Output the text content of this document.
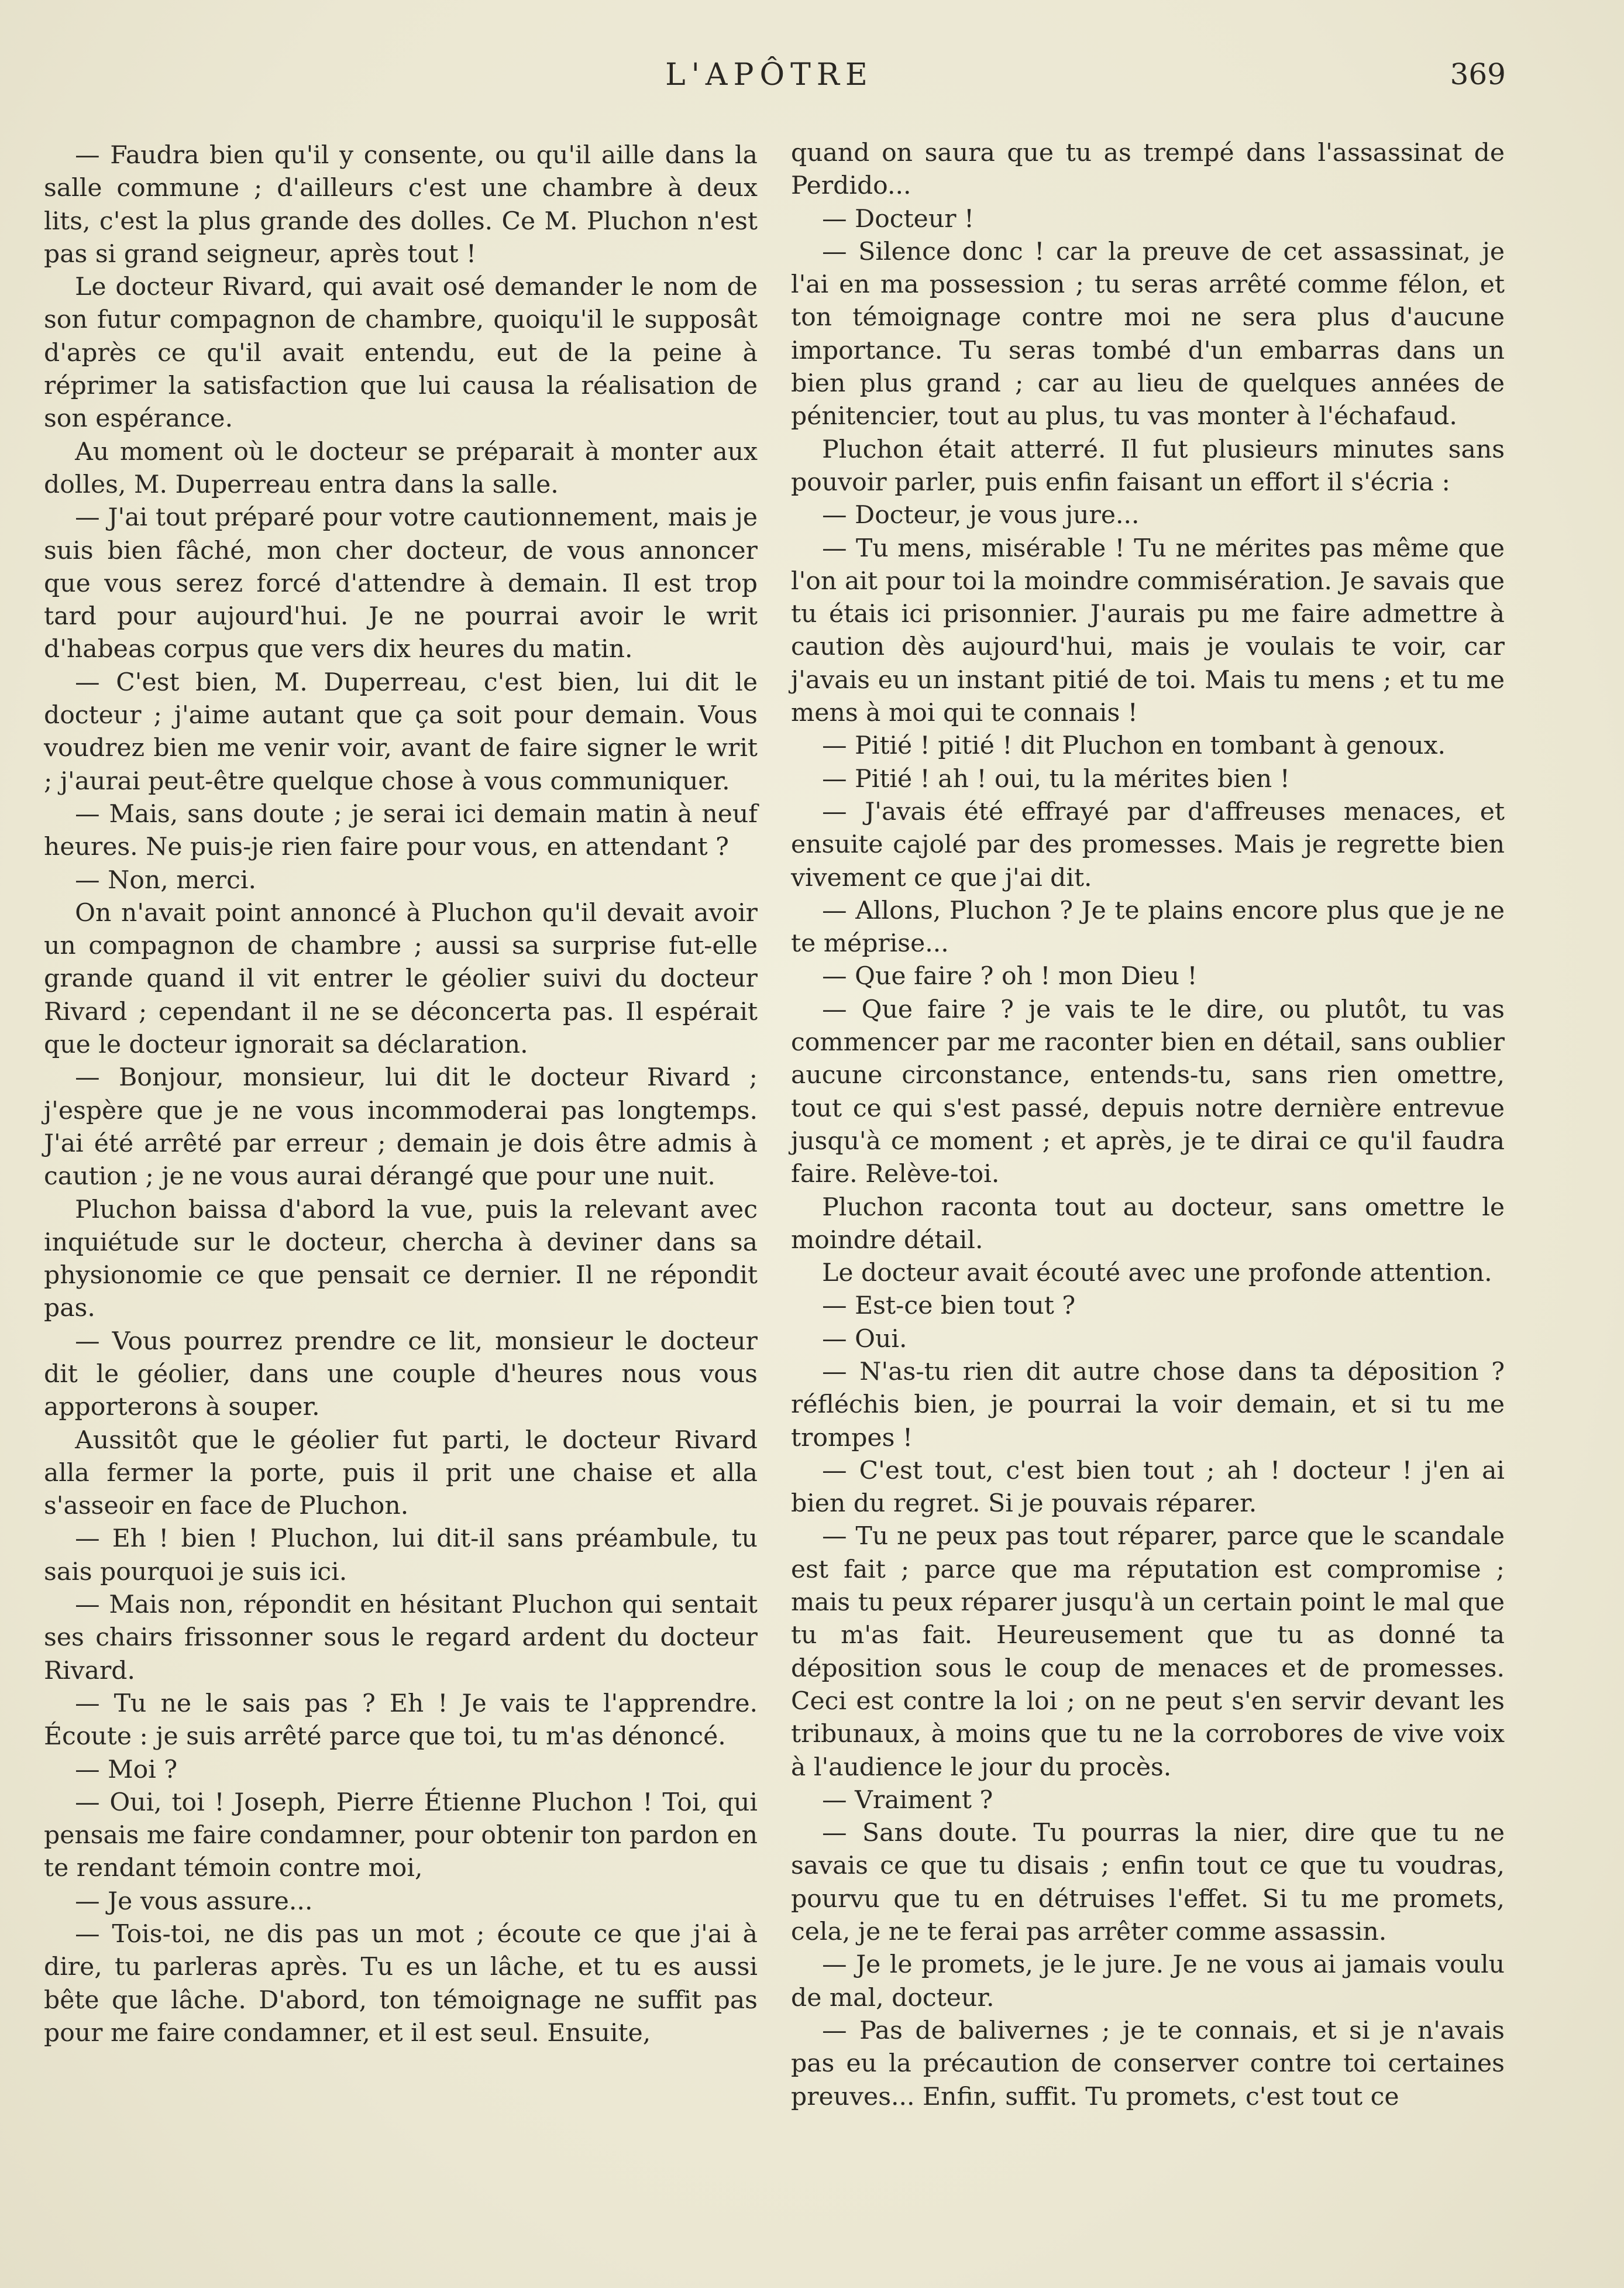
L'APÔTRE	369

— Faudra bien qu'il y consente, ou qu'il aille dans la salle commune ; d'ailleurs c'est une chambre à deux lits, c'est la plus grande des dolles. Ce M. Pluchon n'est pas si grand seigneur, après tout !

Le docteur Rivard, qui avait osé demander le nom de son futur compagnon de chambre, quoiqu'il le supposât d'après ce qu'il avait entendu, eut de la peine à réprimer la satisfaction que lui causa la réalisation de son espérance.

Au moment où le docteur se préparait à monter aux dolles, M. Duperreau entra dans la salle.

— J'ai tout préparé pour votre cautionnement, mais je suis bien fâché, mon cher docteur, de vous annoncer que vous serez forcé d'attendre à demain. Il est trop tard pour aujourd'hui. Je ne pourrai avoir le writ d'habeas corpus que vers dix heures du matin.

— C'est bien, M. Duperreau, c'est bien, lui dit le docteur ; j'aime autant que ça soit pour demain. Vous voudrez bien me venir voir, avant de faire signer le writ ; j'aurai peut-être quelque chose à vous communiquer.

— Mais, sans doute ; je serai ici demain matin à neuf heures. Ne puis-je rien faire pour vous, en attendant ?

— Non, merci.

On n'avait point annoncé à Pluchon qu'il devait avoir un compagnon de chambre ; aussi sa surprise fut-elle grande quand il vit entrer le géolier suivi du docteur Rivard ; cependant il ne se déconcerta pas. Il espérait que le docteur ignorait sa déclaration.

— Bonjour, monsieur, lui dit le docteur Rivard ; j'espère que je ne vous incommoderai pas longtemps. J'ai été arrêté par erreur ; demain je dois être admis à caution ; je ne vous aurai dérangé que pour une nuit.

Pluchon baissa d'abord la vue, puis la relevant avec inquiétude sur le docteur, chercha à deviner dans sa physionomie ce que pensait ce dernier. Il ne répondit pas.

— Vous pourrez prendre ce lit, monsieur le docteur dit le géolier, dans une couple d'heures nous vous apporterons à souper.

Aussitôt que le géolier fut parti, le docteur Rivard alla fermer la porte, puis il prit une chaise et alla s'asseoir en face de Pluchon.

— Eh ! bien ! Pluchon, lui dit-il sans préambule, tu sais pourquoi je suis ici.

— Mais non, répondit en hésitant Pluchon qui sentait ses chairs frissonner sous le regard ardent du docteur Rivard.

— Tu ne le sais pas ? Eh ! Je vais te l'apprendre. Écoute : je suis arrêté parce que toi, tu m'as dénoncé.

— Moi ?

— Oui, toi ! Joseph, Pierre Étienne Pluchon ! Toi, qui pensais me faire condamner, pour obtenir ton pardon en te rendant témoin contre moi,

— Je vous assure...

— Tois-toi, ne dis pas un mot ; écoute ce que j'ai à dire, tu parleras après. Tu es un lâche, et tu es aussi bête que lâche. D'abord, ton témoignage ne suffit pas pour me faire condamner, et il est seul. Ensuite,

quand on saura que tu as trempé dans l'assassinat de Perdido...

— Docteur !

— Silence donc ! car la preuve de cet assassinat, je l'ai en ma possession ; tu seras arrêté comme félon, et ton témoignage contre moi ne sera plus d'aucune importance. Tu seras tombé d'un embarras dans un bien plus grand ; car au lieu de quelques années de pénitencier, tout au plus, tu vas monter à l'échafaud.

Pluchon était atterré. Il fut plusieurs minutes sans pouvoir parler, puis enfin faisant un effort il s'écria :

— Docteur, je vous jure...

— Tu mens, misérable ! Tu ne mérites pas même que l'on ait pour toi la moindre commisération. Je savais que tu étais ici prisonnier. J'aurais pu me faire admettre à caution dès aujourd'hui, mais je voulais te voir, car j'avais eu un instant pitié de toi. Mais tu mens ; et tu me mens à moi qui te connais !

— Pitié ! pitié ! dit Pluchon en tombant à genoux.

— Pitié ! ah ! oui, tu la mérites bien !

— J'avais été effrayé par d'affreuses menaces, et ensuite cajolé par des promesses. Mais je regrette bien vivement ce que j'ai dit.

— Allons, Pluchon ? Je te plains encore plus que je ne te méprise...

— Que faire ? oh ! mon Dieu !

— Que faire ? je vais te le dire, ou plutôt, tu vas commencer par me raconter bien en détail, sans oublier aucune circonstance, entends-tu, sans rien omettre, tout ce qui s'est passé, depuis notre dernière entrevue jusqu'à ce moment ; et après, je te dirai ce qu'il faudra faire. Relève-toi.

Pluchon raconta tout au docteur, sans omettre le moindre détail.

Le docteur avait écouté avec une profonde attention.

— Est-ce bien tout ?

— Oui.

— N'as-tu rien dit autre chose dans ta déposition ? réfléchis bien, je pourrai la voir demain, et si tu me trompes !

— C'est tout, c'est bien tout ; ah ! docteur ! j'en ai bien du regret. Si je pouvais réparer.

— Tu ne peux pas tout réparer, parce que le scandale est fait ; parce que ma réputation est compromise ; mais tu peux réparer jusqu'à un certain point le mal que tu m'as fait. Heureusement que tu as donné ta déposition sous le coup de menaces et de promesses. Ceci est contre la loi ; on ne peut s'en servir devant les tribunaux, à moins que tu ne la corrobores de vive voix à l'audience le jour du procès.

— Vraiment ?

— Sans doute. Tu pourras la nier, dire que tu ne savais ce que tu disais ; enfin tout ce que tu voudras, pourvu que tu en détruises l'effet. Si tu me promets, cela, je ne te ferai pas arrêter comme assassin.

— Je le promets, je le jure. Je ne vous ai jamais voulu de mal, docteur.

— Pas de balivernes ; je te connais, et si je n'avais pas eu la précaution de conserver contre toi certaines preuves... Enfin, suffit. Tu promets, c'est tout ce
